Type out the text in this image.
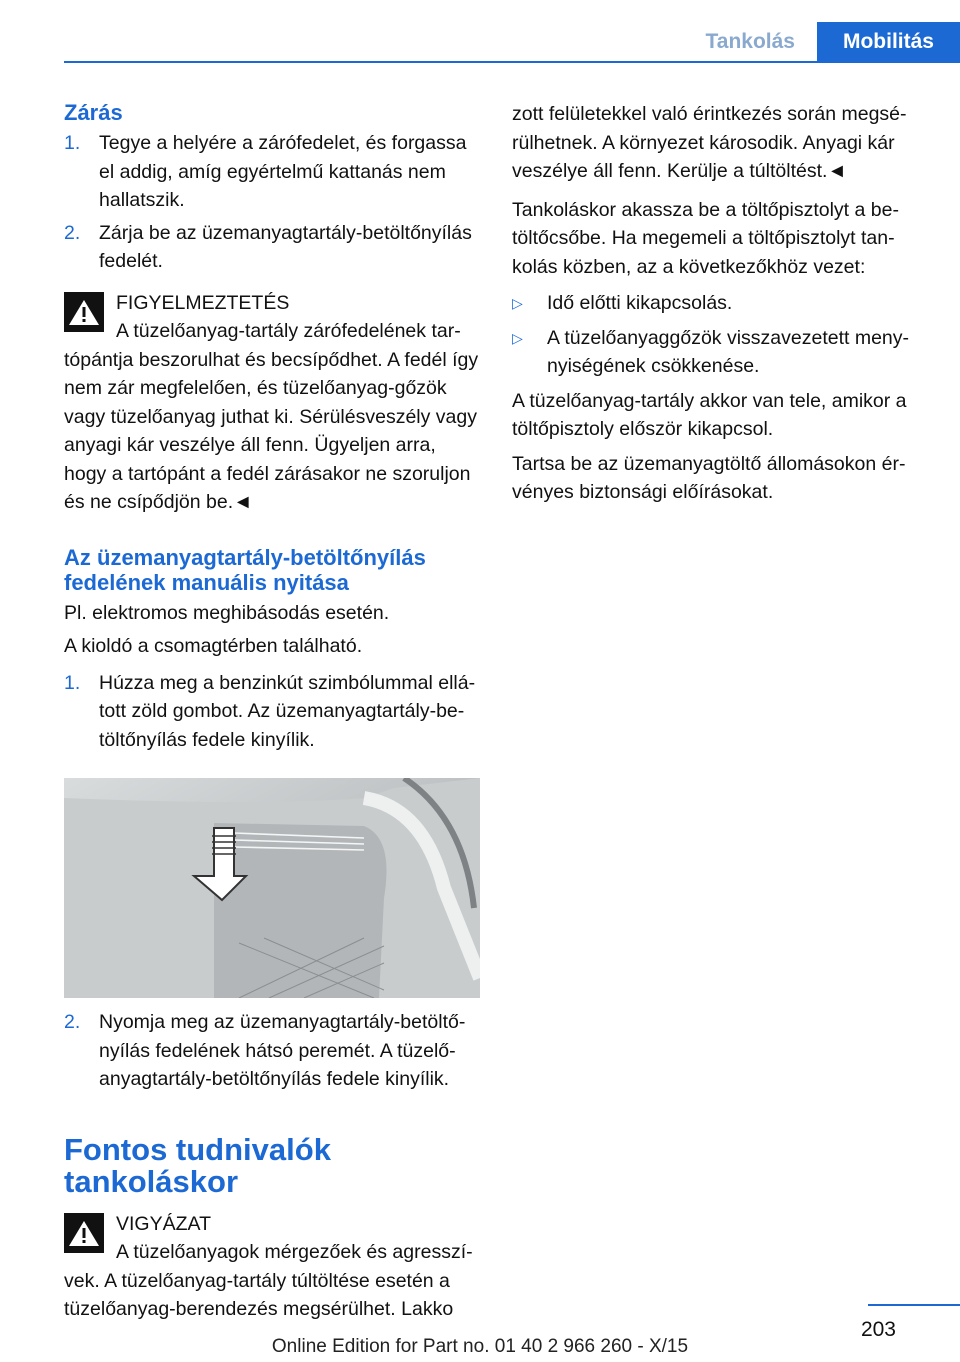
Tankolás	Mobilitás
Zárás
1. Tegye a helyére a zárófedelet, és forgassa el addig, amíg egyértelmű kattanás nem hallatszik.
2. Zárja be az üzemanyagtartály-betöltőnyílás fedelét.
FIGYELMEZTETÉS

A tüzelőanyag-tartály zárófedelének tartópántja beszorulhat és becsípődhet. A fedél így nem zár megfelelően, és tüzelőanyag-gőzök vagy tüzelőanyag juthat ki. Sérülésveszély vagy anyagi kár veszélye áll fenn. Ügyeljen arra, hogy a tartópánt a fedél zárásakor ne szoruljon és ne csípődjön be.◄

Az üzemanyagtartály-betöltőnyílás fedelének manuális nyitása

Pl. elektromos meghibásodás esetén.

A kioldó a csomagtérben található.

1. Húzza meg a benzinkút szimbólummal ellátott zöld gombot. Az üzemanyagtartály-betöltőnyílás fedele kinyílik.
2. Nyomja meg az üzemanyagtartály-betöltőnyílás fedelének hátsó peremét. A tüzelőanyagtartály-betöltőnyílás fedele kinyílik.
Fontos tudnivalók tankoláskor
VIGYÁZAT

A tüzelőanyagok mérgezőek és agresszívek. A tüzelőanyag-tartály túltöltése esetén a tüzelőanyag-berendezés megsérülhet. Lakko

zott felületekkel való érintkezés során megsérülhetnek. A környezet károsodik. Anyagi kár veszélye áll fenn. Kerülje a túltöltést.◄

Tankoláskor akassza be a töltőpisztolyt a betöltőcsőbe. Ha megemeli a töltőpisztolyt tankolás közben, az a következőkhöz vezet:

▷ Idő előtti kikapcsolás.
▷ A tüzelőanyaggőzök visszavezetett menynyiségének csökkenése.

A tüzelőanyag-tartály akkor van tele, amikor a töltőpisztoly először kikapcsol.

Tartsa be az üzemanyagtöltő állomásokon érvényes biztonsági előírásokat.

203
Online Edition for Part no. 01 40 2 966 260 - X/15
